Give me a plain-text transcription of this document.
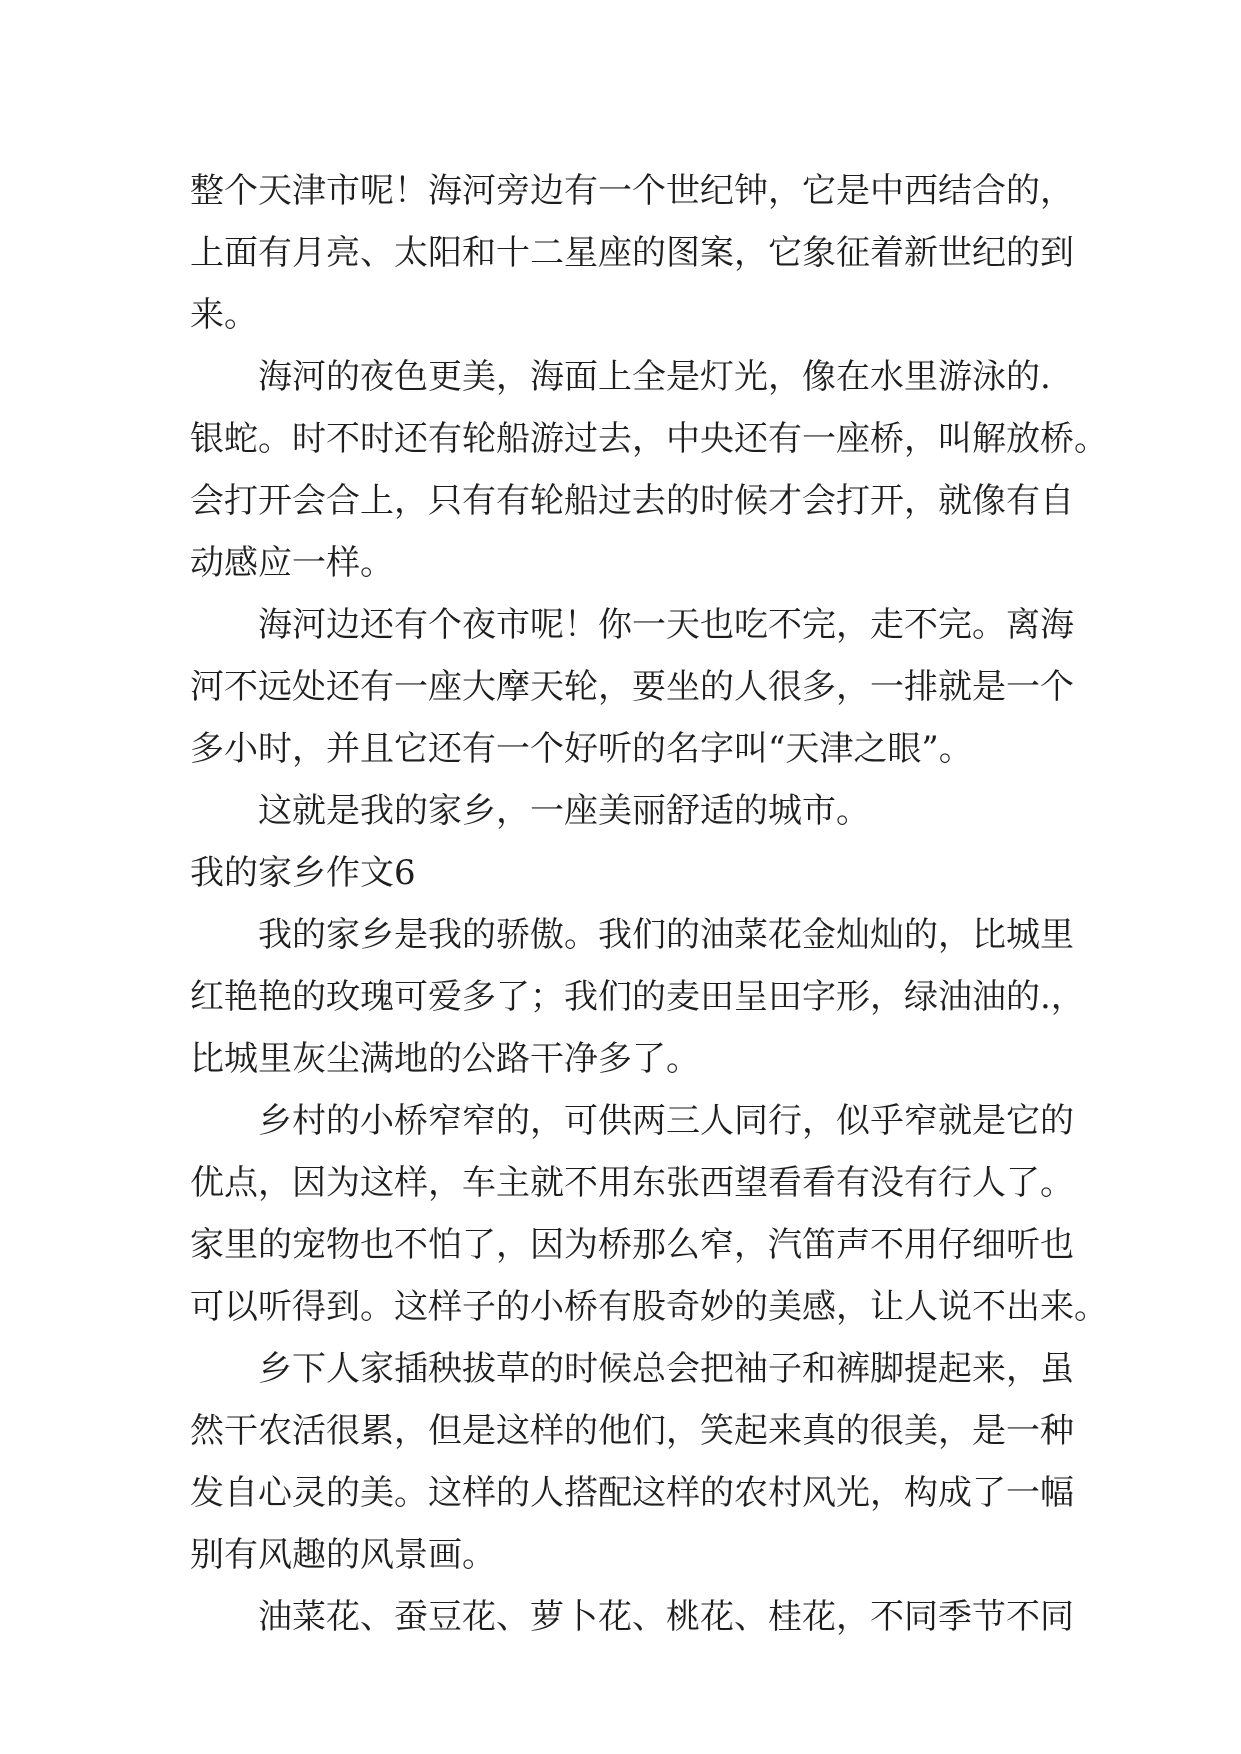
整个天津市呢！海河旁边有一个世纪钟，它是中西结合的，
上面有月亮、太阳和十二星座的图案，它象征着新世纪的到
来。
海河的夜色更美，海面上全是灯光，像在水里游泳的.
银蛇。时不时还有轮船游过去，中央还有一座桥，叫解放桥。
会打开会合上，只有有轮船过去的时候才会打开，就像有自
动感应一样。
海河边还有个夜市呢！你一天也吃不完，走不完。离海
河不远处还有一座大摩天轮，要坐的人很多，一排就是一个
多小时，并且它还有一个好听的名字叫“天津之眼”。
这就是我的家乡，一座美丽舒适的城市。
我的家乡作文6
我的家乡是我的骄傲。我们的油菜花金灿灿的，比城里
红艳艳的玫瑰可爱多了；我们的麦田呈田字形，绿油油的.，
比城里灰尘满地的公路干净多了。
乡村的小桥窄窄的，可供两三人同行，似乎窄就是它的
优点，因为这样，车主就不用东张西望看看有没有行人了。
家里的宠物也不怕了，因为桥那么窄，汽笛声不用仔细听也
可以听得到。这样子的小桥有股奇妙的美感，让人说不出来。
乡下人家插秧拔草的时候总会把袖子和裤脚提起来，虽
然干农活很累，但是这样的他们，笑起来真的很美，是一种
发自心灵的美。这样的人搭配这样的农村风光，构成了一幅
别有风趣的风景画。
油菜花、蚕豆花、萝卜花、桃花、桂花，不同季节不同
